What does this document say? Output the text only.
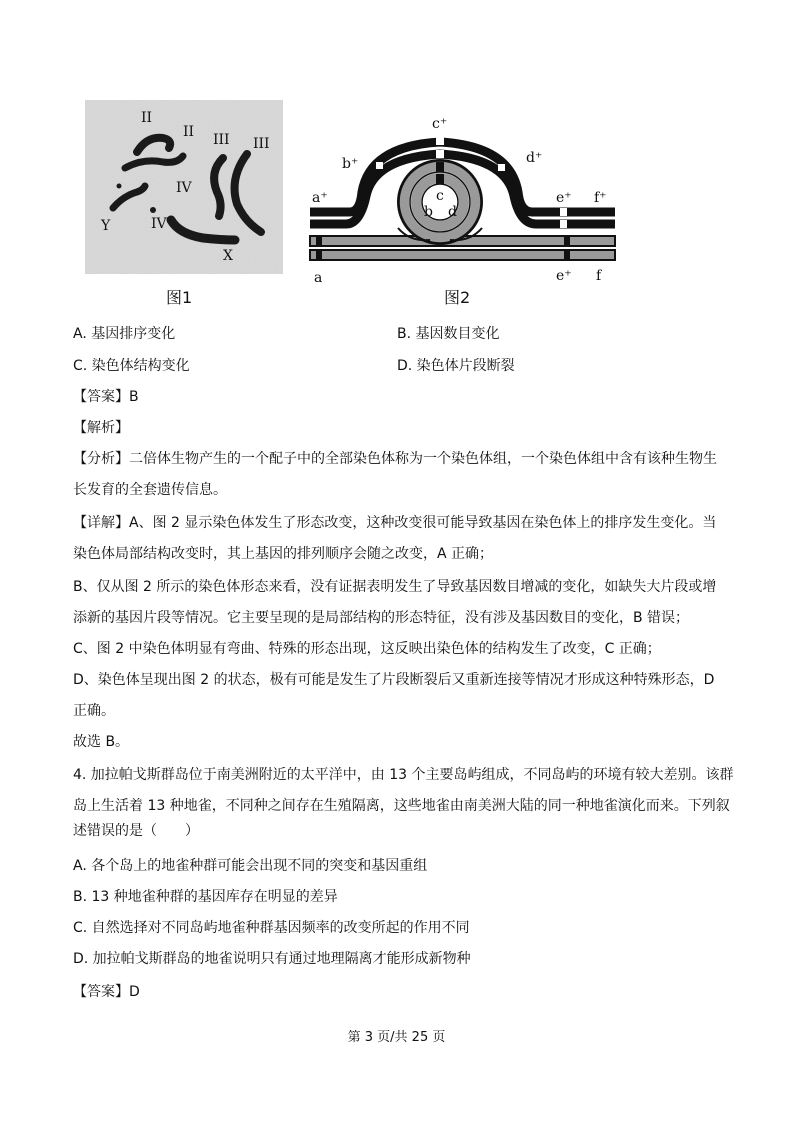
II
II III III
IV
IV
Y
X
图1
c⁺
b⁺	d⁺
a⁺	e⁺ f⁺
c
b d
a	e⁺ f
图2
A. 基因排序变化	B. 基因数目变化
C. 染色体结构变化	D. 染色体片段断裂
【答案】B
【解析】
【分析】二倍体生物产生的一个配子中的全部染色体称为一个染色体组，一个染色体组中含有该种生物生
长发育的全套遗传信息。
【详解】A、图 2 显示染色体发生了形态改变，这种改变很可能导致基因在染色体上的排序发生变化。当
染色体局部结构改变时，其上基因的排列顺序会随之改变，A 正确；
B、仅从图 2 所示的染色体形态来看，没有证据表明发生了导致基因数目增减的变化，如缺失大片段或增
添新的基因片段等情况。它主要呈现的是局部结构的形态特征，没有涉及基因数目的变化，B 错误；
C、图 2 中染色体明显有弯曲、特殊的形态出现，这反映出染色体的结构发生了改变，C 正确；
D、染色体呈现出图 2 的状态，极有可能是发生了片段断裂后又重新连接等情况才形成这种特殊形态，D
正确。
故选 B。
4. 加拉帕戈斯群岛位于南美洲附近的太平洋中，由 13 个主要岛屿组成，不同岛屿的环境有较大差别。该群
岛上生活着 13 种地雀，不同种之间存在生殖隔离，这些地雀由南美洲大陆的同一种地雀演化而来。下列叙
述错误的是（　　）
A. 各个岛上的地雀种群可能会出现不同的突变和基因重组
B. 13 种地雀种群的基因库存在明显的差异
C. 自然选择对不同岛屿地雀种群基因频率的改变所起的作用不同
D. 加拉帕戈斯群岛的地雀说明只有通过地理隔离才能形成新物种
【答案】D
第 3 页/共 25 页
